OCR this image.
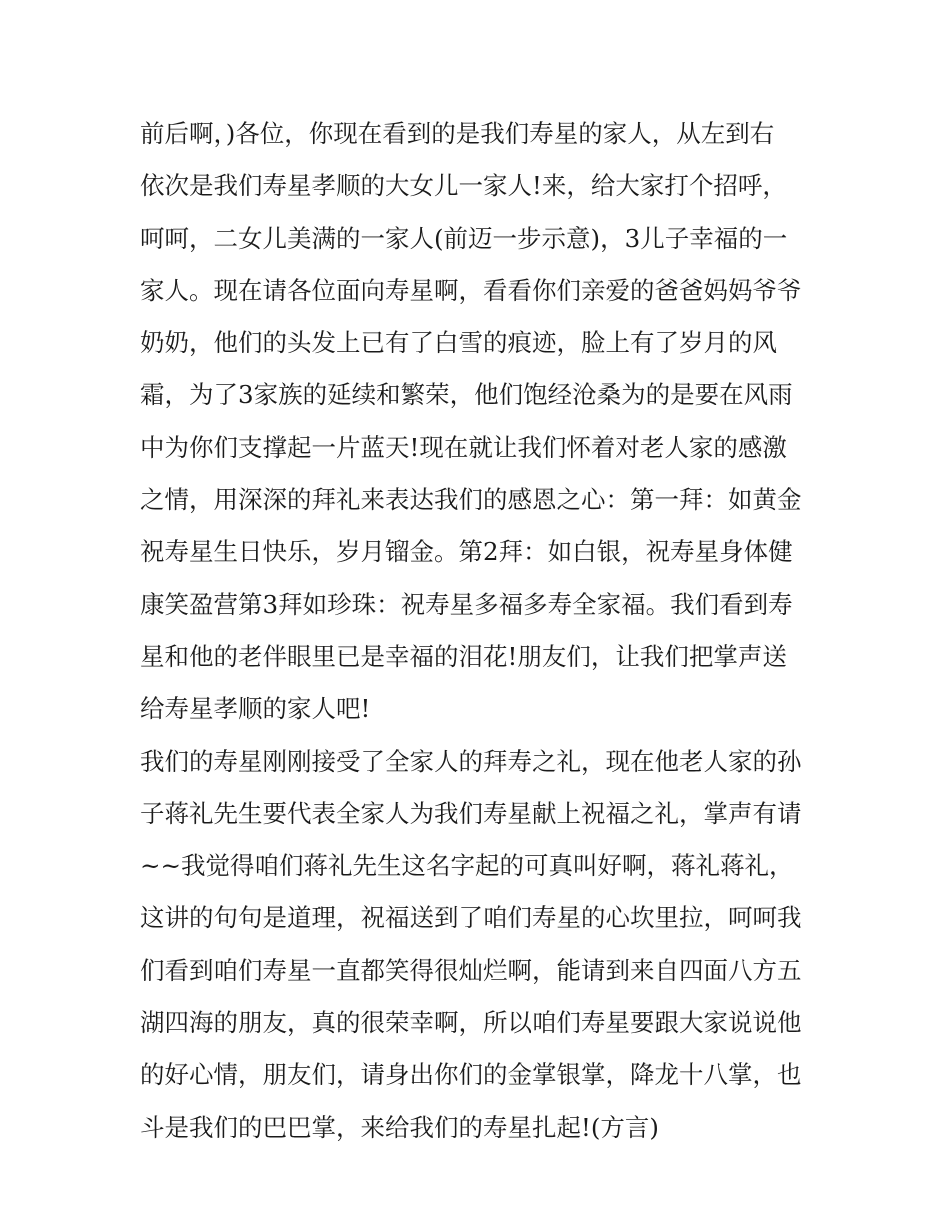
前后啊，)各位，你现在看到的是我们寿星的家人，从左到右
依次是我们寿星孝顺的大女儿一家人!来，给大家打个招呼，
呵呵，二女儿美满的一家人(前迈一步示意)，3儿子幸福的一
家人。现在请各位面向寿星啊，看看你们亲爱的爸爸妈妈爷爷
奶奶，他们的头发上已有了白雪的痕迹，脸上有了岁月的风
霜，为了3家族的延续和繁荣，他们饱经沧桑为的是要在风雨
中为你们支撑起一片蓝天!现在就让我们怀着对老人家的感激
之情，用深深的拜礼来表达我们的感恩之心：第一拜：如黄金
祝寿星生日快乐，岁月镏金。第2拜：如白银，祝寿星身体健
康笑盈营第3拜如珍珠：祝寿星多福多寿全家福。我们看到寿
星和他的老伴眼里已是幸福的泪花!朋友们，让我们把掌声送
给寿星孝顺的家人吧!
我们的寿星刚刚接受了全家人的拜寿之礼，现在他老人家的孙
子蒋礼先生要代表全家人为我们寿星献上祝福之礼，掌声有请
~~我觉得咱们蒋礼先生这名字起的可真叫好啊，蒋礼蒋礼，
这讲的句句是道理，祝福送到了咱们寿星的心坎里拉，呵呵我
们看到咱们寿星一直都笑得很灿烂啊，能请到来自四面八方五
湖四海的朋友，真的很荣幸啊，所以咱们寿星要跟大家说说他
的好心情，朋友们，请身出你们的金掌银掌，降龙十八掌，也
斗是我们的巴巴掌，来给我们的寿星扎起!(方言)
